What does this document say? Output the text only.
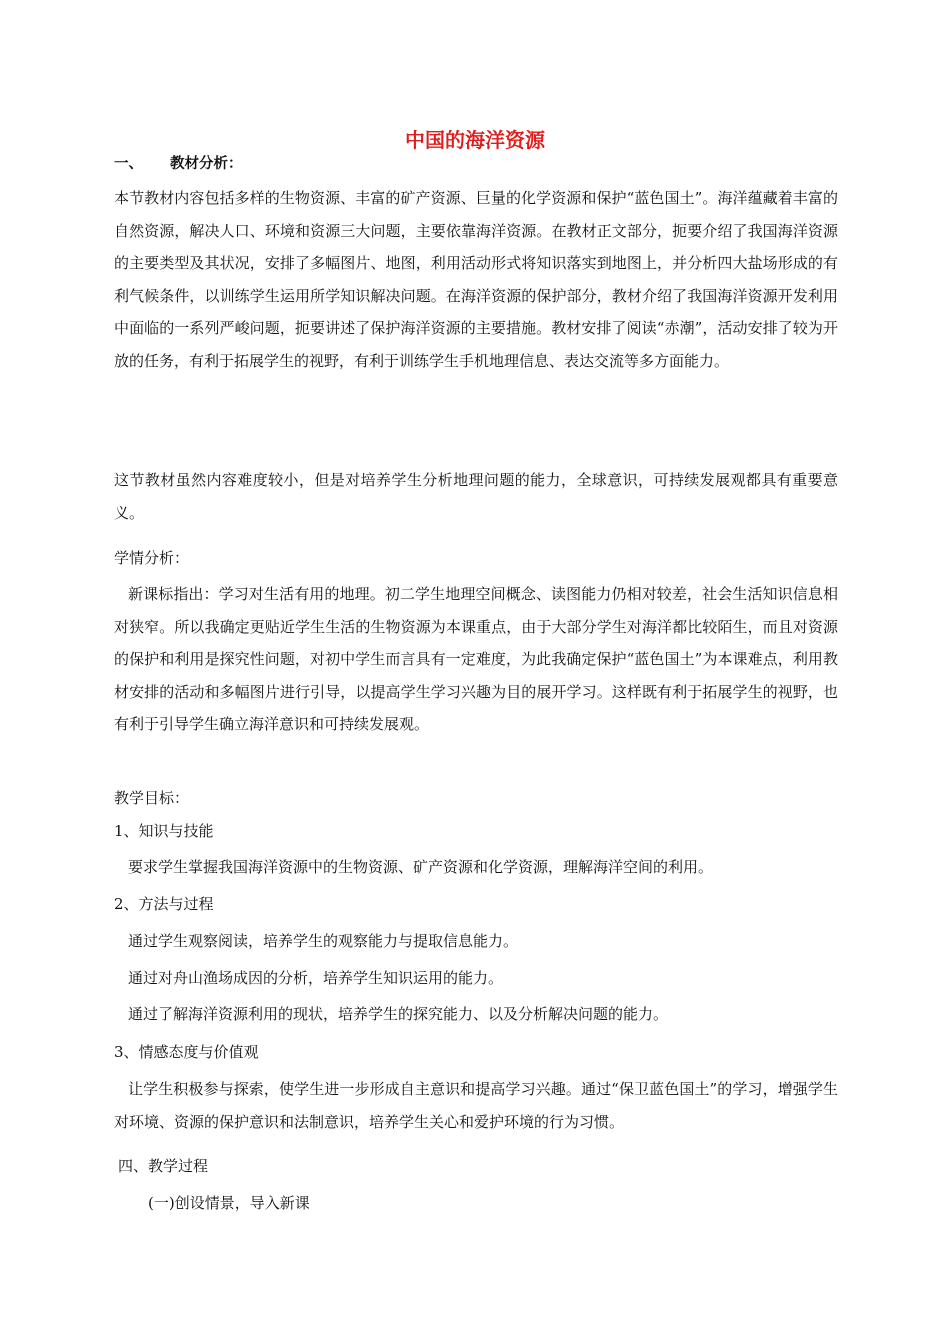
中国的海洋资源
一、 教材分析：
本节教材内容包括多样的生物资源、丰富的矿产资源、巨量的化学资源和保护“蓝色国土”。海洋蕴藏着丰富的自然资源，解决人口、环境和资源三大问题，主要依靠海洋资源。在教材正文部分，扼要介绍了我国海洋资源的主要类型及其状况，安排了多幅图片、地图，利用活动形式将知识落实到地图上，并分析四大盐场形成的有利气候条件，以训练学生运用所学知识解决问题。在海洋资源的保护部分，教材介绍了我国海洋资源开发利用中面临的一系列严峻问题，扼要讲述了保护海洋资源的主要措施。教材安排了阅读“赤潮”，活动安排了较为开放的任务，有利于拓展学生的视野，有利于训练学生手机地理信息、表达交流等多方面能力。
这节教材虽然内容难度较小，但是对培养学生分析地理问题的能力，全球意识，可持续发展观都具有重要意义。
学情分析：
新课标指出：学习对生活有用的地理。初二学生地理空间概念、读图能力仍相对较差，社会生活知识信息相对狭窄。所以我确定更贴近学生生活的生物资源为本课重点，由于大部分学生对海洋都比较陌生，而且对资源的保护和利用是探究性问题，对初中学生而言具有一定难度，为此我确定保护“蓝色国土”为本课难点，利用教材安排的活动和多幅图片进行引导，以提高学生学习兴趣为目的展开学习。这样既有利于拓展学生的视野，也有利于引导学生确立海洋意识和可持续发展观。
教学目标：
1、知识与技能
要求学生掌握我国海洋资源中的生物资源、矿产资源和化学资源，理解海洋空间的利用。
2、方法与过程
通过学生观察阅读，培养学生的观察能力与提取信息能力。
通过对舟山渔场成因的分析，培养学生知识运用的能力。
通过了解海洋资源利用的现状，培养学生的探究能力、以及分析解决问题的能力。
3、情感态度与价值观
让学生积极参与探索，使学生进一步形成自主意识和提高学习兴趣。通过“保卫蓝色国土”的学习，增强学生对环境、资源的保护意识和法制意识，培养学生关心和爱护环境的行为习惯。
四、教学过程
(一)创设情景，导入新课
